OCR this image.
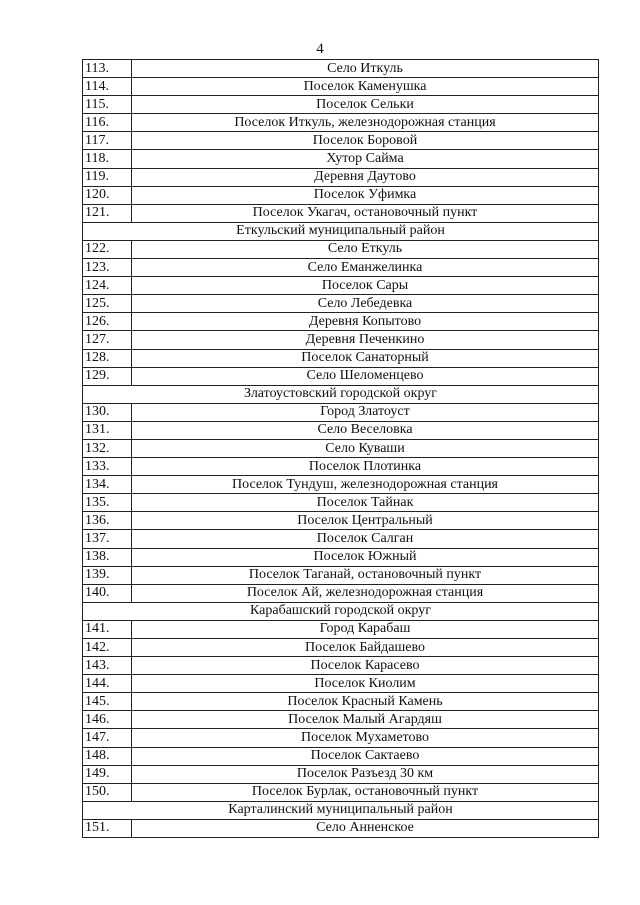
4
113.	Село Иткуль
114.	Поселок Каменушка
115.	Поселок Сельки
116.	Поселок Иткуль, железнодорожная станция
117.	Поселок Боровой
118.	Хутор Сайма
119.	Деревня Даутово
120.	Поселок Уфимка
121.	Поселок Укагач, остановочный пункт
Еткульский муниципальный район	
122.	Село Еткуль
123.	Село Еманжелинка
124.	Поселок Сары
125.	Село Лебедевка
126.	Деревня Копытово
127.	Деревня Печенкино
128.	Поселок Санаторный
129.	Село Шеломенцево
Златоустовский городской округ	
130.	Город Златоуст
131.	Село Веселовка
132.	Село Куваши
133.	Поселок Плотинка
134.	Поселок Тундуш, железнодорожная станция
135.	Поселок Тайнак
136.	Поселок Центральный
137.	Поселок Салган
138.	Поселок Южный
139.	Поселок Таганай, остановочный пункт
140.	Поселок Ай, железнодорожная станция
Карабашский городской округ	
141.	Город Карабаш
142.	Поселок Байдашево
143.	Поселок Карасево
144.	Поселок Киолим
145.	Поселок Красный Камень
146.	Поселок Малый Агардяш
147.	Поселок Мухаметово
148.	Поселок Сактаево
149.	Поселок Разъезд 30 км
150.	Поселок Бурлак, остановочный пункт
Карталинский муниципальный район	
151.	Село Анненское
